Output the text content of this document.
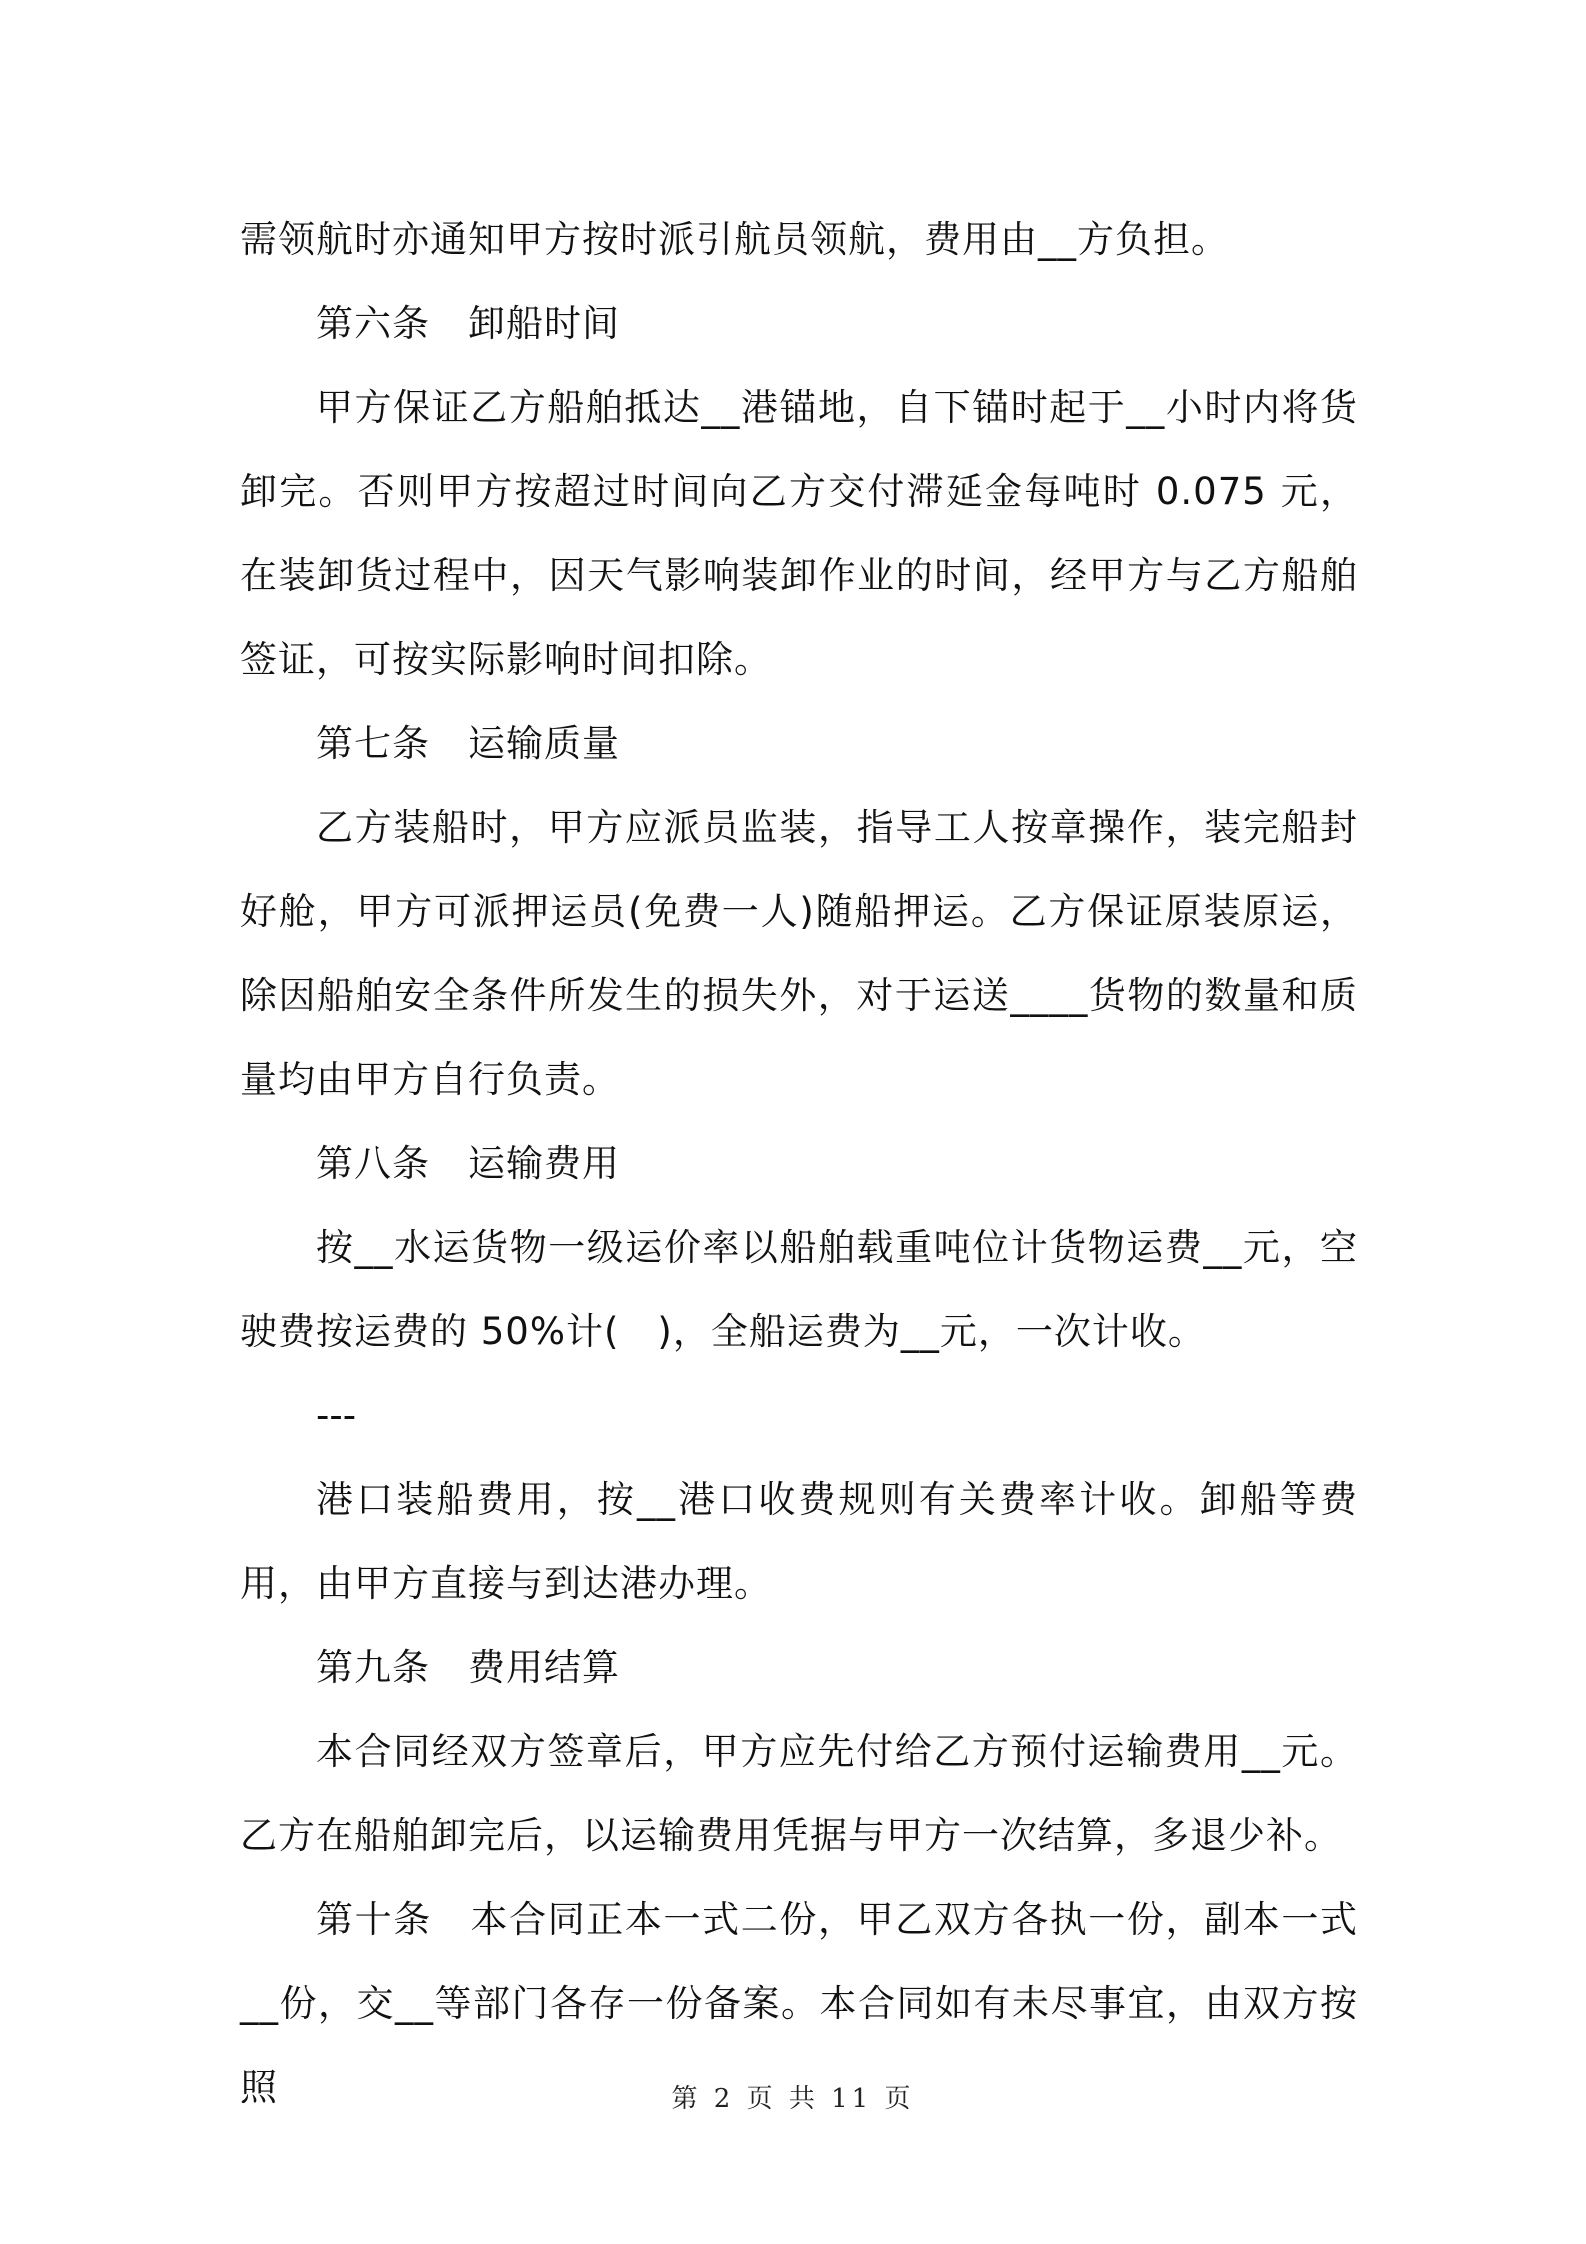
需领航时亦通知甲方按时派引航员领航，费用由__方负担。

第六条　卸船时间

甲方保证乙方船舶抵达__港锚地，自下锚时起于__小时内将货卸完。否则甲方按超过时间向乙方交付滞延金每吨时 0.075 元，在装卸货过程中，因天气影响装卸作业的时间，经甲方与乙方船舶签证，可按实际影响时间扣除。

第七条　运输质量

乙方装船时，甲方应派员监装，指导工人按章操作，装完船封好舱，甲方可派押运员(免费一人)随船押运。乙方保证原装原运，除因船舶安全条件所发生的损失外，对于运送____货物的数量和质量均由甲方自行负责。

第八条　运输费用

按__水运货物一级运价率以船舶载重吨位计货物运费__元，空驶费按运费的 50%计(　)，全船运费为__元，一次计收。

---

港口装船费用，按__港口收费规则有关费率计收。卸船等费用，由甲方直接与到达港办理。

第九条　费用结算

本合同经双方签章后，甲方应先付给乙方预付运输费用__元。乙方在船舶卸完后，以运输费用凭据与甲方一次结算，多退少补。

第十条　本合同正本一式二份，甲乙双方各执一份，副本一式__份，交__等部门各存一份备案。本合同如有未尽事宜，由双方按照	第 2 页 共 11 页
